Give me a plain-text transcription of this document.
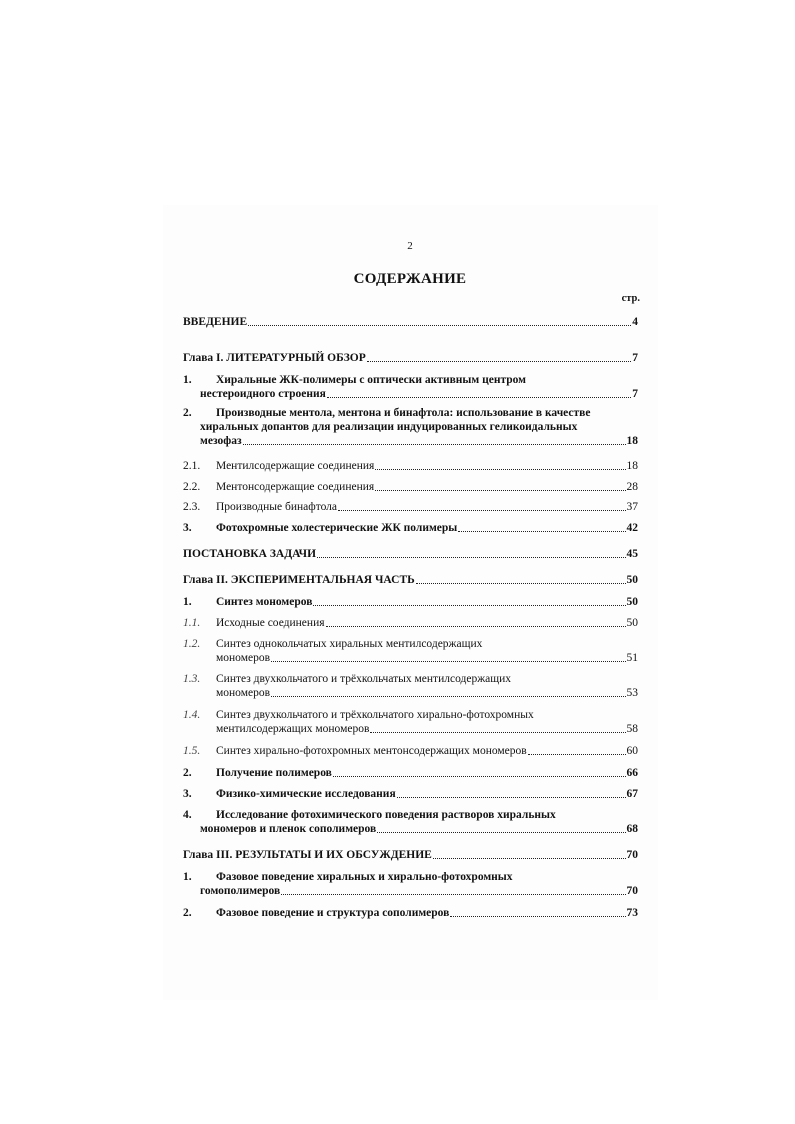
2
СОДЕРЖАНИЕ
стр.
ВВЕДЕНИЕ	4
Глава I. ЛИТЕРАТУРНЫЙ ОБЗОР	7
1.	Хиральные ЖК-полимеры с оптически активным центром
нестероидного строения	7
2.	Производные ментола, ментона и бинафтола: использование в качестве
хиральных допантов для реализации индуцированных геликоидальных
мезофаз	18
2.1.	Ментилсодержащие соединения	18
2.2.	Ментонсодержащие соединения	28
2.3.	Производные бинафтола	37
3.	Фотохромные холестерические ЖК полимеры	42
ПОСТАНОВКА ЗАДАЧИ	45
Глава II. ЭКСПЕРИМЕНТАЛЬНАЯ ЧАСТЬ	50
1.	Синтез мономеров	50
1.1.	Исходные соединения	50
1.2.	Синтез однокольчатых хиральных ментилсодержащих
мономеров	51
1.3.	Синтез двухкольчатого и трёхкольчатых ментилсодержащих
мономеров	53
1.4.	Синтез двухкольчатого и трёхкольчатого хирально-фотохромных
ментилсодержащих мономеров	58
1.5.	Синтез хирально-фотохромных ментонсодержащих мономеров	60
2.	Получение полимеров	66
3.	Физико-химические исследования	67
4.	Исследование фотохимического поведения растворов хиральных
мономеров и пленок сополимеров	68
Глава III. РЕЗУЛЬТАТЫ И ИХ ОБСУЖДЕНИЕ	70
1.	Фазовое поведение хиральных и хирально-фотохромных
гомополимеров	70
2.	Фазовое поведение и структура сополимеров	73
